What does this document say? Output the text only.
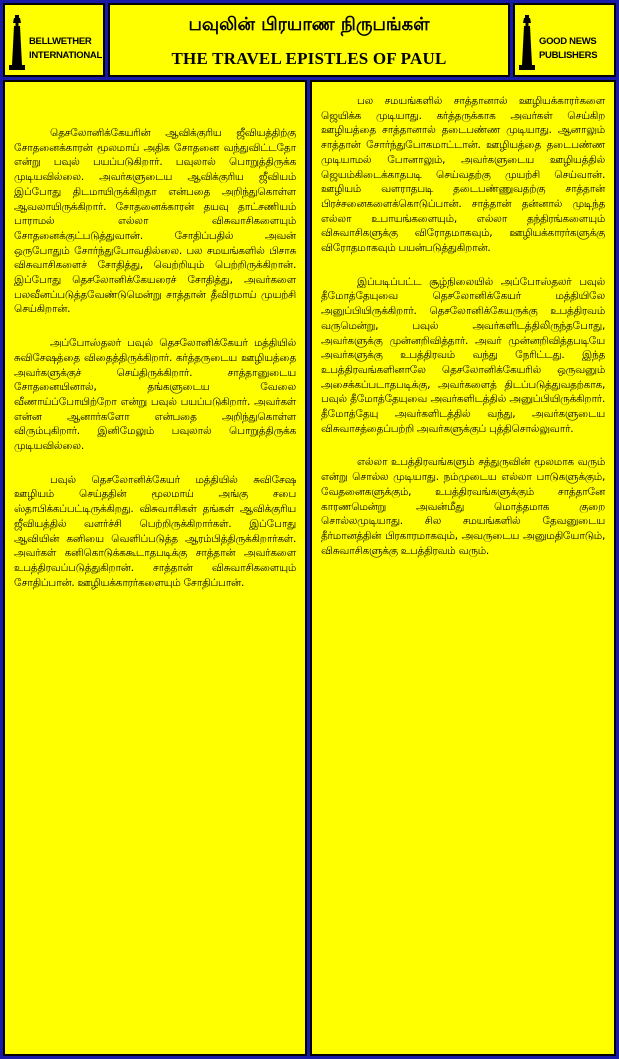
BELLWETHER
INTERNATIONAL
பவுலின் பிரயாண நிருபங்கள்
THE TRAVEL EPISTLES OF PAUL
GOOD NEWS
PUBLISHERS

தெசலோனிக்கேயரின் ஆவிக்குரிய ஜீவியத்திற்கு சோதனைக்காரன் மூலமாய் அதிக சோதனை வந்துவிட்டதோ என்று பவுல் பயப்படுகிறார். பவுலால் பொறுத்திருக்க முடியவில்லை. அவர்களுடைய ஆவிக்குரிய ஜீவியம் இப்போது திடமாயிருக்கிறதா என்பதை அறிந்துகொள்ள ஆவலாயிருக்கிறார். சோதனைக்காரன் தயவு தாட்சணியம் பாராமல் எல்லா விசுவாசிகளையும் சோதனைக்குட்படுத்துவான். சோதிப்பதில் அவன் ஒருபோதும் சோர்ந்துபோவதில்லை. பல சமயங்களில் பிசாசு விசுவாசிகளைச் சோதித்து, வெற்றியும் பெற்றிருக்கிறான். இப்போது தெசலோனிக்கேயரைச் சோதித்து, அவர்களை பலவீனப்படுத்தவேண்டுமென்று சாத்தான் தீவிரமாய் முயற்சி செய்கிறான்.

அப்போஸ்தலர் பவுல் தெசலோனிக்கேயர் மத்தியில் சுவிசேஷத்தை விதைத்திருக்கிறார். கர்த்தருடைய ஊழியத்தை அவர்களுக்குச் செய்திருக்கிறார். சாத்தானுடைய சோதனையினால், தங்களுடைய வேலை வீணாய்ப்போயிற்றோ என்று பவுல் பயப்படுகிறார். அவர்கள் என்ன ஆனார்களோ என்பதை அறிந்துகொள்ள விரும்புகிறார். இனிமேலும் பவுலால் பொறுத்திருக்க முடியவில்லை.

பவுல் தெசலோனிக்கேயர் மத்தியில் சுவிசேஷ ஊழியம் செய்ததின் மூலமாய் அங்கு சபை ஸ்தாபிக்கப்பட்டிருக்கிறது. விசுவாசிகள் தங்கள் ஆவிக்குரிய ஜீவியத்தில் வளர்ச்சி பெற்றிருக்கிறார்கள். இப்போது ஆவியின் கனியை வெளிப்படுத்த ஆரம்பித்திருக்கிறார்கள். அவர்கள் கனிகொடுக்ககூடாதபடிக்கு சாத்தான் அவர்களை உபத்திரவப்படுத்துகிறான். சாத்தான் விசுவாசிகளையும் சோதிப்பான். ஊழியக்காரர்களையும் சோதிப்பான்.

பல சமயங்களில் சாத்தானால் ஊழியக்காரர்களை ஜெயிக்க முடியாது. கர்த்தருக்காக அவர்கள் செய்கிற ஊழியத்தை சாத்தானால் தடைபண்ண முடியாது. ஆனாலும் சாத்தான் சோர்ந்துபோகமாட்டான். ஊழியத்தை தடைபண்ண முடியாமல் போனாலும், அவர்களுடைய ஊழியத்தில் ஜெயம்கிடைக்காதபடி செய்வதற்கு முயற்சி செய்வான். ஊழியம் வளராதபடி தடைபண்ணுவதற்கு சாத்தான் பிரச்சனைகளைக்கொடுப்பான். சாத்தான் தன்னால் முடிந்த எல்லா உபாயங்களையும், எல்லா தந்திரங்களையும் விசுவாசிகளுக்கு விரோதமாகவும், ஊழியக்காரர்களுக்கு விரோதமாகவும் பயன்படுத்துகிறான்.

இப்படிப்பட்ட சூழ்நிலையில் அப்போஸ்தலர் பவுல் தீமோத்தேயுவை தெசலோனிக்கேயர் மத்தியிலே அனுப்பியிருக்கிறார். தெசலோனிக்கேயருக்கு உபத்திரவம் வருமென்று, பவுல் அவர்களிடத்திலிருந்தபோது, அவர்களுக்கு முன்னறிவித்தார். அவர் முன்னறிவித்தபடியே அவர்களுக்கு உபத்திரவம் வந்து நேரிட்டது. இந்த உபத்திரவங்களினாலே தெசலோனிக்கேயரில் ஒருவனும் அசைக்கப்படாதபடிக்கு, அவர்களைத் திடப்படுத்துவதற்காக, பவுல் தீமோத்தேயுவை அவர்களிடத்தில் அனுப்பியிருக்கிறார். தீமோத்தேயு அவர்களிடத்தில் வந்து, அவர்களுடைய விசுவாசத்தைப்பற்றி அவர்களுக்குப் புத்திசொல்லுவார்.

எல்லா உபத்திரவங்களும் சத்துருவின் மூலமாக வரும் என்று சொல்ல முடியாது. நம்முடைய எல்லா பாடுகளுக்கும், வேதனைகளுக்கும், உபத்திரவங்களுக்கும் சாத்தானே காரணமென்று அவன்மீது மொத்தமாக குறை சொல்லமுடியாது. சில சமயங்களில் தேவனுடைய தீர்மானத்தின் பிரகாரமாகவும், அவருடைய அனுமதியோடும், விசுவாசிகளுக்கு உபத்திரவம் வரும்.
